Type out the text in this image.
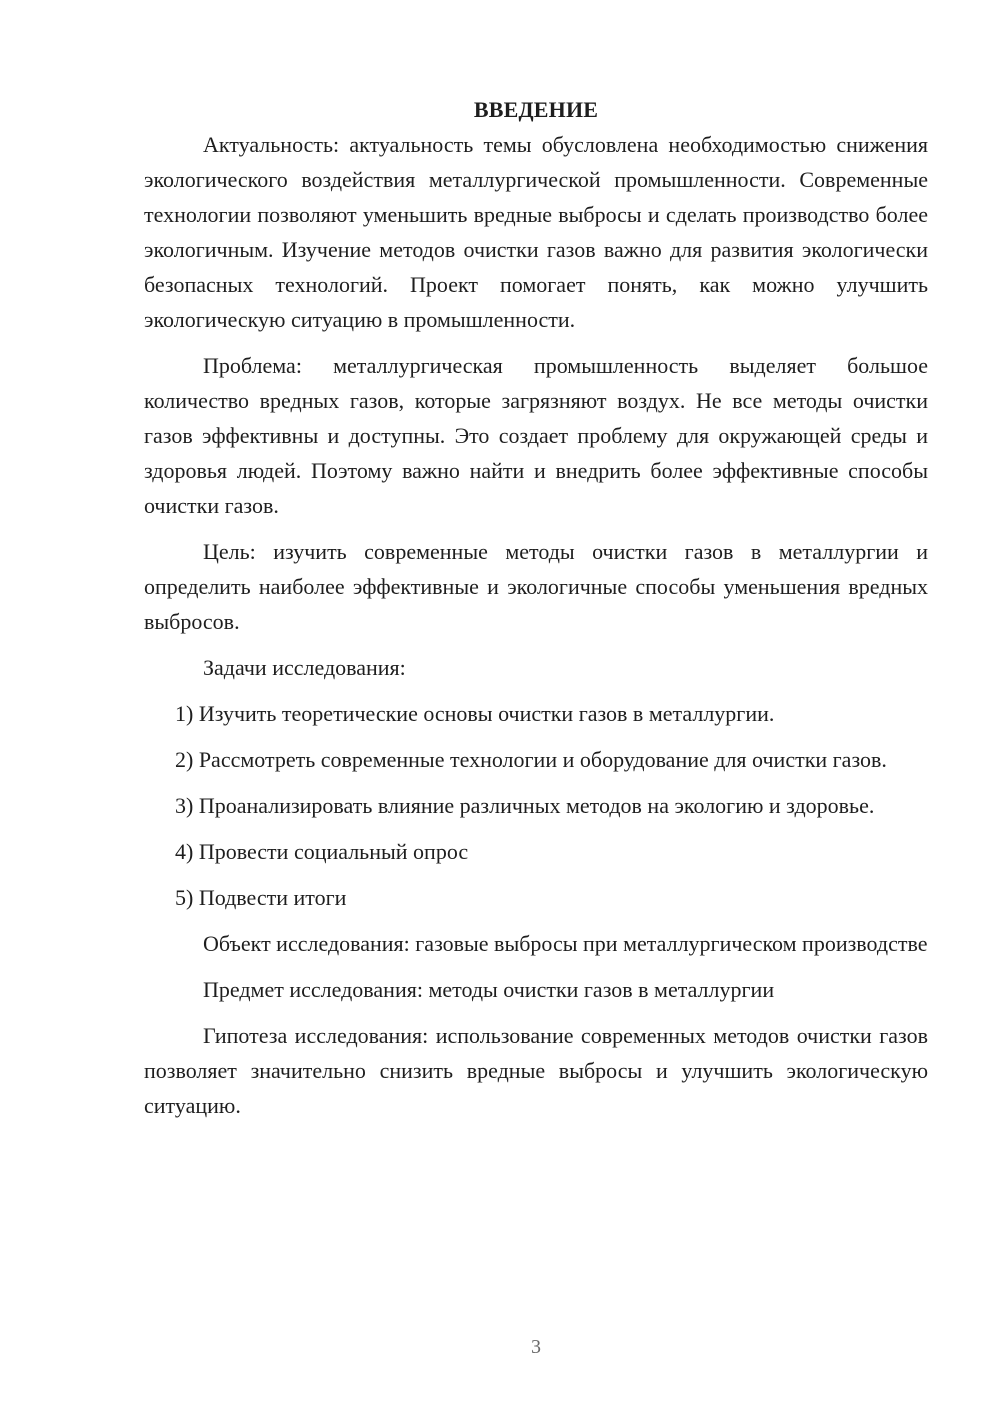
ВВЕДЕНИЕ

Актуальность: актуальность темы обусловлена необходимостью снижения экологического воздействия металлургической промышленности. Современные технологии позволяют уменьшить вредные выбросы и сделать производство более экологичным. Изучение методов очистки газов важно для развития экологически безопасных технологий. Проект помогает понять, как можно улучшить экологическую ситуацию в промышленности.

Проблема: металлургическая промышленность выделяет большое количество вредных газов, которые загрязняют воздух. Не все методы очистки газов эффективны и доступны. Это создает проблему для окружающей среды и здоровья людей. Поэтому важно найти и внедрить более эффективные способы очистки газов.

Цель: изучить современные методы очистки газов в металлургии и определить наиболее эффективные и экологичные способы уменьшения вредных выбросов.

Задачи исследования:

1) Изучить теоретические основы очистки газов в металлургии.

2) Рассмотреть современные технологии и оборудование для очистки газов.

3) Проанализировать влияние различных методов на экологию и здоровье.

4) Провести социальный опрос

5) Подвести итоги

Объект исследования: газовые выбросы при металлургическом производстве

Предмет исследования: методы очистки газов в металлургии

Гипотеза исследования: использование современных методов очистки газов позволяет значительно снизить вредные выбросы и улучшить экологическую ситуацию.

3
